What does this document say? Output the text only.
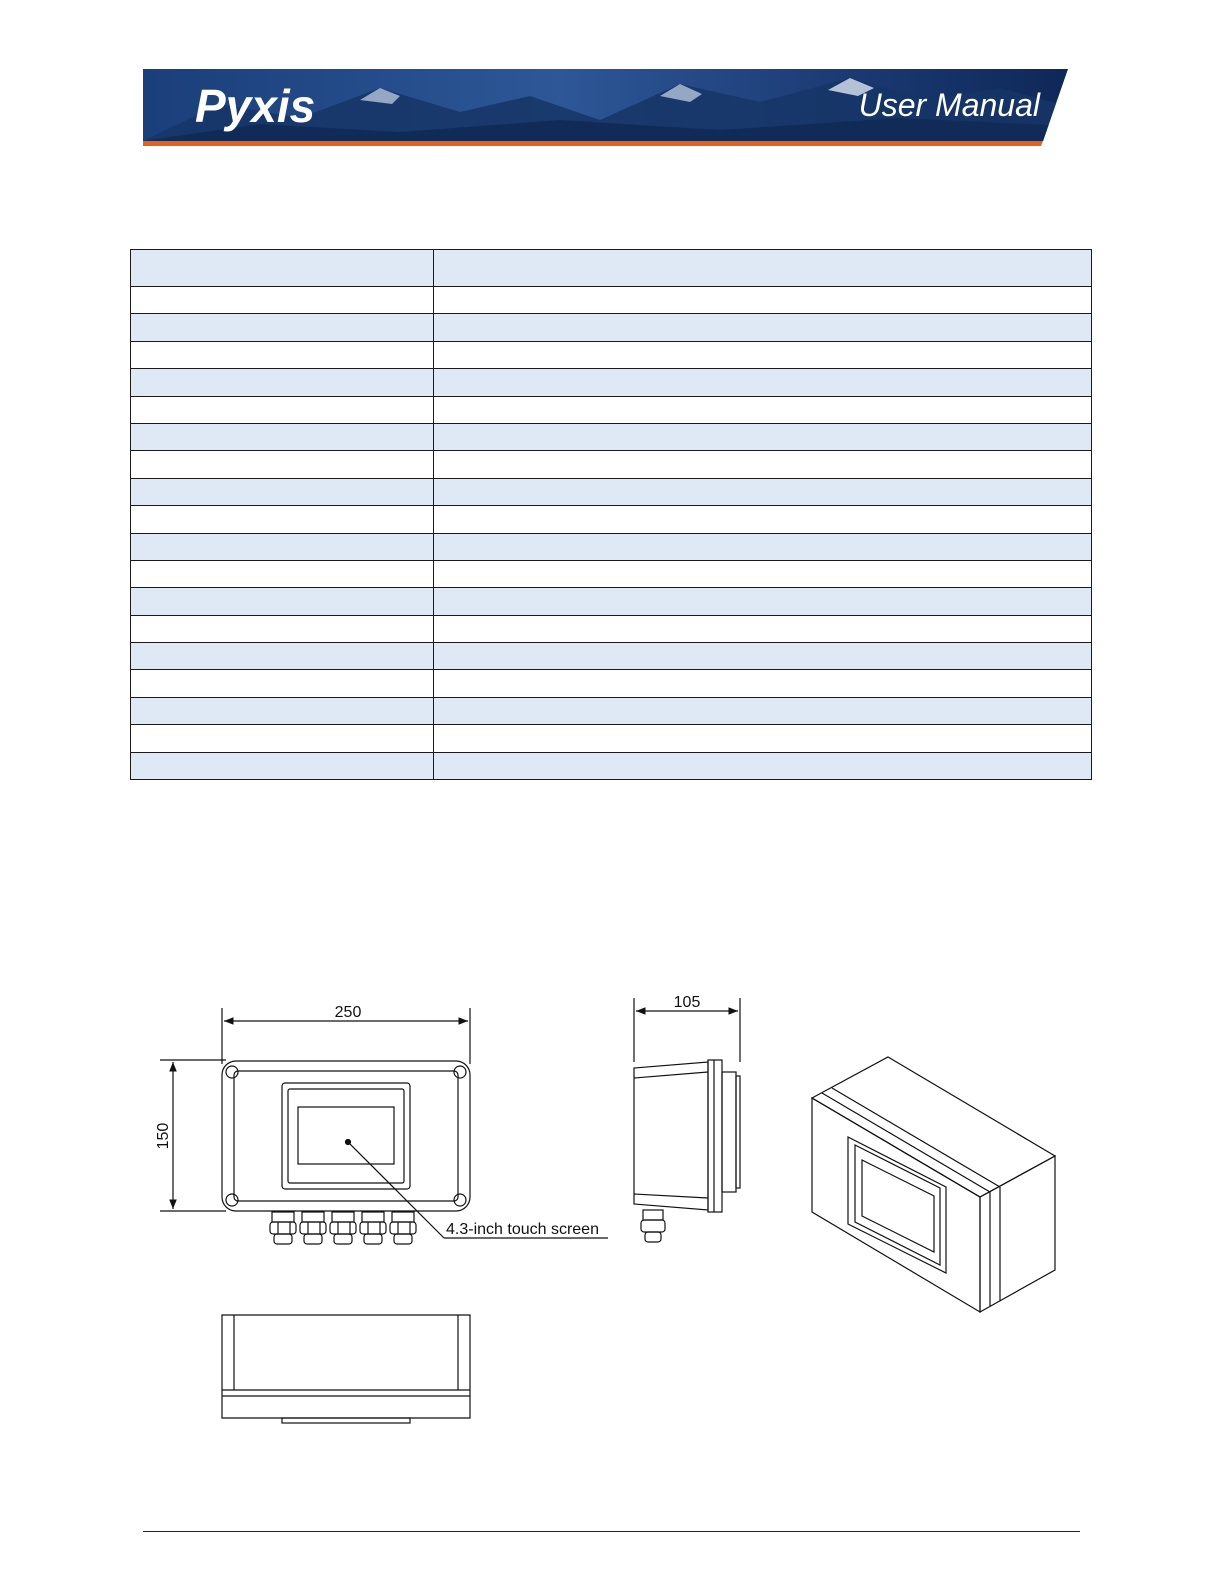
Pyxis	User Manual

250
150
4.3-inch touch screen
105
